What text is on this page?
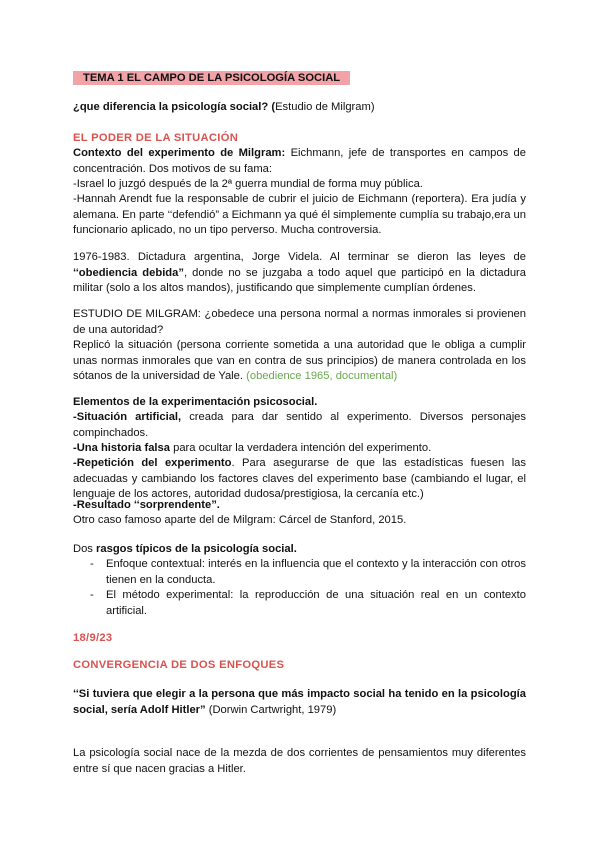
TEMA 1 EL CAMPO DE LA PSICOLOGÍA SOCIAL
¿que diferencia la psicología social? (Estudio de Milgram)
EL PODER DE LA SITUACIÓN
Contexto del experimento de Milgram: Eichmann, jefe de transportes en campos de concentración. Dos motivos de su fama:
-Israel lo juzgó después de la 2ª guerra mundial de forma muy pública.
-Hannah Arendt fue la responsable de cubrir el juicio de Eichmann (reportera). Era judía y alemana. En parte ‘‘defendió” a Eichmann ya qué él simplemente cumplía su trabajo,era un funcionario aplicado, no un tipo perverso. Mucha controversia.
1976-1983. Dictadura argentina, Jorge Videla. Al terminar se dieron las leyes de ‘‘obediencia debida”, donde no se juzgaba a todo aquel que participó en la dictadura militar (solo a los altos mandos), justificando que simplemente cumplían órdenes.
ESTUDIO DE MILGRAM: ¿obedece una persona normal a normas inmorales si provienen de una autoridad?
Replicó la situación (persona corriente sometida a una autoridad que le obliga a cumplir unas normas inmorales que van en contra de sus principios) de manera controlada en los sótanos de la universidad de Yale. (obedience 1965, documental)
Elementos de la experimentación psicosocial.
-Situación artificial, creada para dar sentido al experimento. Diversos personajes compinchados.
-Una historia falsa para ocultar la verdadera intención del experimento.
-Repetición del experimento. Para asegurarse de que las estadísticas fuesen las adecuadas y cambiando los factores claves del experimento base (cambiando el lugar, el lenguaje de los actores, autoridad dudosa/prestigiosa, la cercanía etc.)
-Resultado ‘‘sorprendente”.
Otro caso famoso aparte del de Milgram: Cárcel de Stanford, 2015.
Dos rasgos típicos de la psicología social.
- Enfoque contextual: interés en la influencia que el contexto y la interacción con otros tienen en la conducta.
- El método experimental: la reproducción de una situación real en un contexto artificial.
18/9/23
CONVERGENCIA DE DOS ENFOQUES
‘‘Si tuviera que elegir a la persona que más impacto social ha tenido en la psicología social, sería Adolf Hitler” (Dorwin Cartwright, 1979)
La psicología social nace de la mezda de dos corrientes de pensamientos muy diferentes entre sí que nacen gracias a Hitler.
